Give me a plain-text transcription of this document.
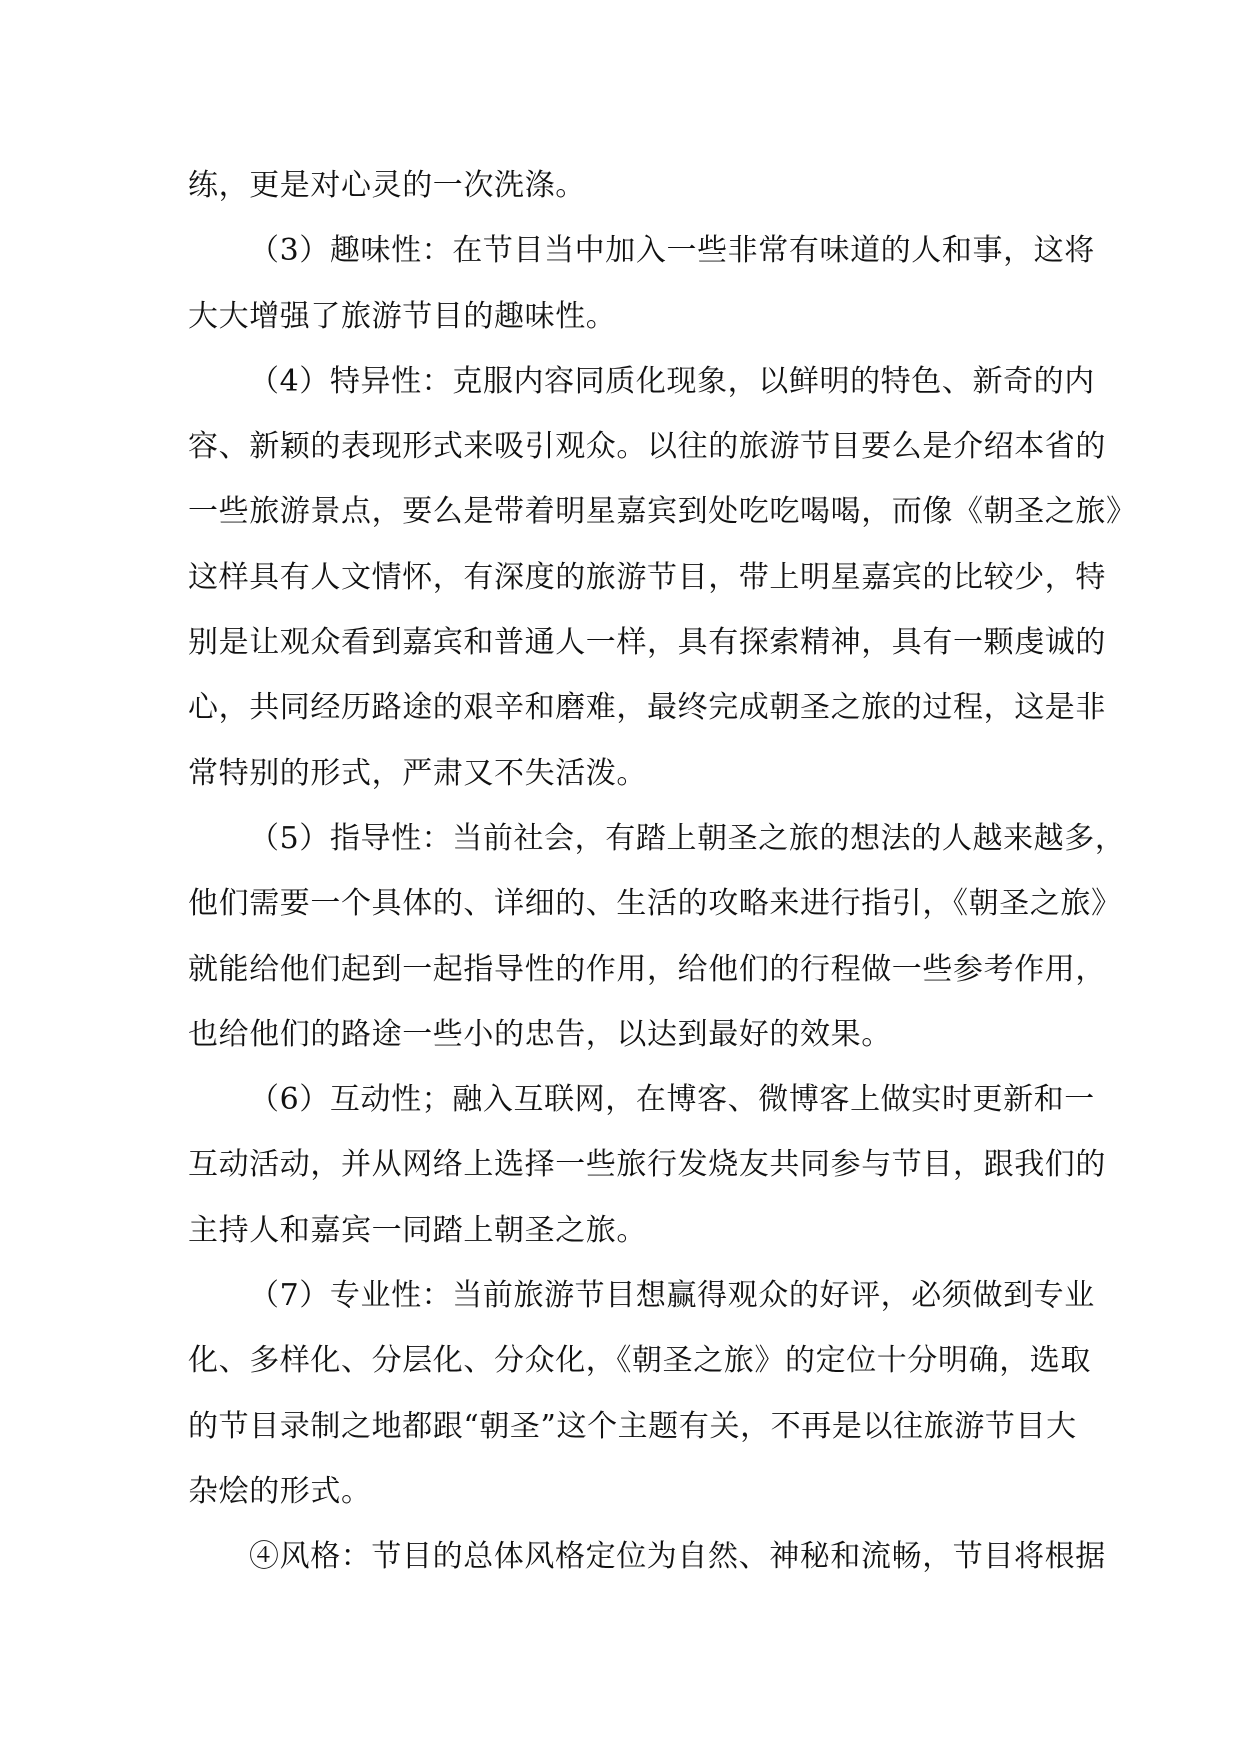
练，更是对心灵的一次洗涤。
（3）趣味性：在节目当中加入一些非常有味道的人和事，这将
大大增强了旅游节目的趣味性。
（4）特异性：克服内容同质化现象，以鲜明的特色、新奇的内
容、新颖的表现形式来吸引观众。以往的旅游节目要么是介绍本省的
一些旅游景点，要么是带着明星嘉宾到处吃吃喝喝，而像《朝圣之旅》
这样具有人文情怀，有深度的旅游节目，带上明星嘉宾的比较少，特
别是让观众看到嘉宾和普通人一样，具有探索精神，具有一颗虔诚的
心，共同经历路途的艰辛和磨难，最终完成朝圣之旅的过程，这是非
常特别的形式，严肃又不失活泼。
（5）指导性：当前社会，有踏上朝圣之旅的想法的人越来越多，
他们需要一个具体的、详细的、生活的攻略来进行指引，《朝圣之旅》
就能给他们起到一起指导性的作用，给他们的行程做一些参考作用，
也给他们的路途一些小的忠告，以达到最好的效果。
（6）互动性；融入互联网，在博客、微博客上做实时更新和一
互动活动，并从网络上选择一些旅行发烧友共同参与节目，跟我们的
主持人和嘉宾一同踏上朝圣之旅。
（7）专业性：当前旅游节目想赢得观众的好评，必须做到专业
化、多样化、分层化、分众化，《朝圣之旅》的定位十分明确，选取
的节目录制之地都跟“朝圣”这个主题有关，不再是以往旅游节目大
杂烩的形式。
④风格：节目的总体风格定位为自然、神秘和流畅，节目将根据
